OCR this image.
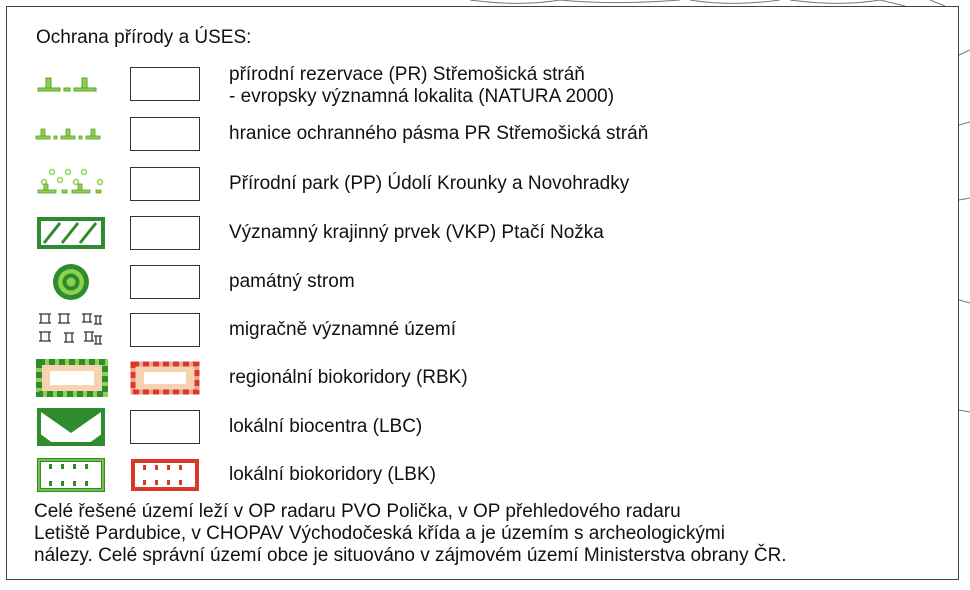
Ochrana přírody a ÚSES:
přírodní rezervace (PR) Střemošická stráň
- evropsky významná lokalita (NATURA 2000)
hranice ochranného pásma PR Střemošická stráň
Přírodní park (PP) Údolí Krounky a Novohradky
Významný krajinný prvek (VKP) Ptačí Nožka
památný strom
migračně významné území
regionální biokoridory (RBK)
lokální biocentra (LBC)
lokální biokoridory (LBK)
Celé řešené území leží v OP radaru PVO Polička, v OP přehledového radaru
Letiště Pardubice, v CHOPAV Východočeská křída a je územím s archeologickými
nálezy. Celé správní území obce je situováno v zájmovém území Ministerstva obrany ČR.
